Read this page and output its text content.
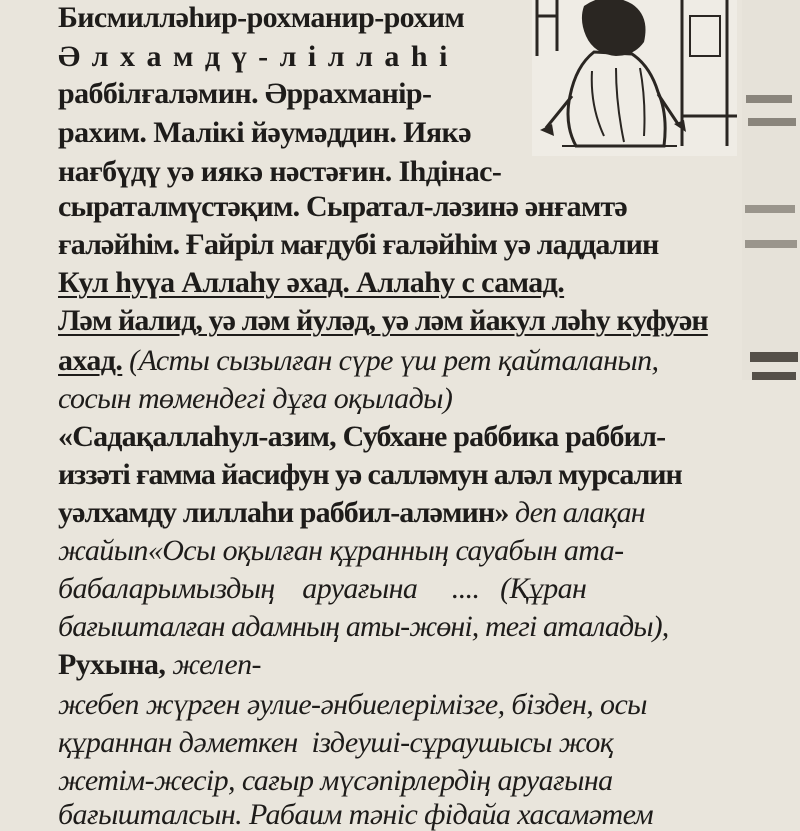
Бисмилләһир-рохманир-рохим

Ә л х а м д ү - л і л л а һ і

раббілғаләмин. Әррахманір-

рахим. Малікі йәумәддин. Иякә

нағбүдү уә иякә нәстәғин. Іһдінас-

сыраталмүстәқим. Сыратал-ләзинә әнғамтә

ғаләйһім. Ғайріл мағдубі ғаләйһім уә ладдалин

Кул һуүа Аллаһу әхад. Аллаһу с самад.

Ләм йалид, уә ләм йуләд, уә ләм йакул ләһу куфуән

ахад. (Асты сызылған сүре үш рет қайталанып,

сосын төмендегі дұға оқылады)

«Садақаллаһул-азим, Субхане раббика раббил-

иззәті ғамма йасифун уә салләмун аләл мурсалин

уәлхамду лиллаһи раббил-аләмин» деп алақан

жайып«Осы оқылған құранның сауабын ата-

бабаларымыздың    аруағына     ....   (Құран

бағышталған адамның аты-жөні, тегі аталады),

Рухына, желеп-

жебеп жүрген әулие-әнбиелерімізге, бізден, осы

құраннан дәметкен  іздеуші-сұраушысы жоқ

жетім-жесір, сағыр мүсәпірлердің аруағына

бағышталсын. Рабаим тәніс фідайа хасамәтем
